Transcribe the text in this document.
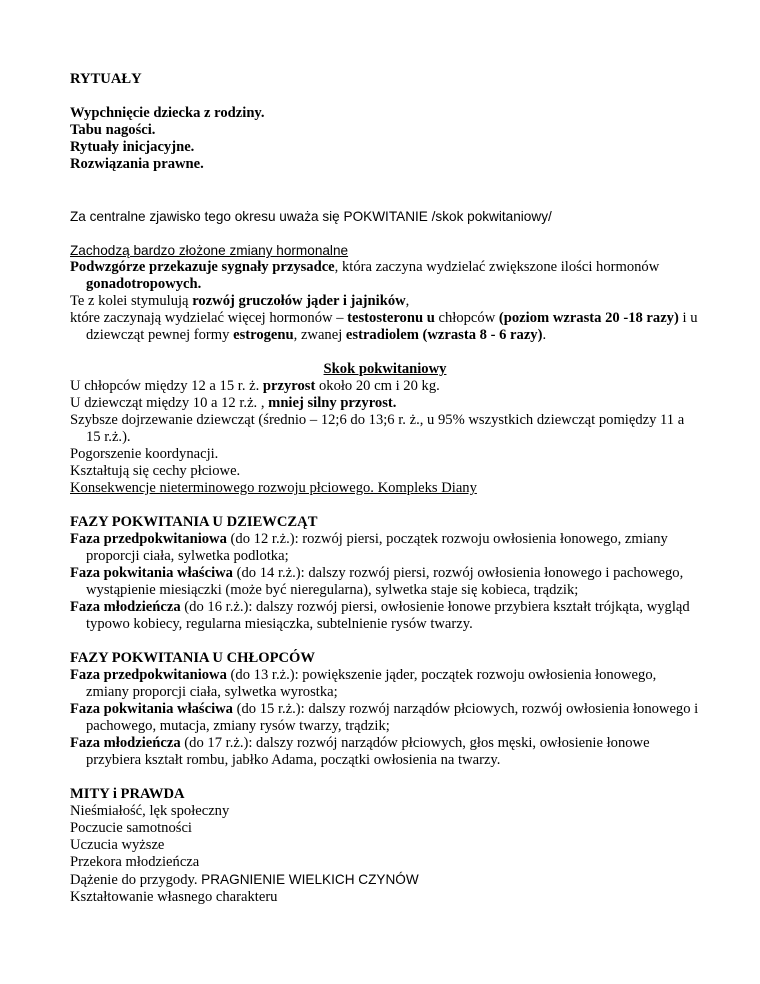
RYTUAŁY

Wypchnięcie dziecka z rodziny.

Tabu nagości.

Rytuały inicjacyjne.

Rozwiązania prawne.

Za centralne zjawisko tego okresu uważa się POKWITANIE /skok pokwitaniowy/

Zachodzą bardzo złożone zmiany hormonalne

Podwzgórze przekazuje sygnały przysadce, która zaczyna wydzielać zwiększone ilości hormonów
gonadotropowych.

Te z kolei stymulują rozwój gruczołów jąder i jajników,

które zaczynają wydzielać więcej hormonów – testosteronu u chłopców (poziom wzrasta 20 -18 razy) i u dziewcząt pewnej formy estrogenu, zwanej estradiolem (wzrasta 8 - 6 razy).

Skok pokwitaniowy

U chłopców między 12 a 15 r. ż. przyrost około 20 cm i 20 kg.

U dziewcząt między 10 a 12 r.ż. , mniej silny przyrost.

Szybsze dojrzewanie dziewcząt (średnio – 12;6 do 13;6 r. ż., u 95% wszystkich dziewcząt pomiędzy 11 a 15 r.ż.).

Pogorszenie koordynacji.

Kształtują się cechy płciowe.

Konsekwencje nieterminowego rozwoju płciowego. Kompleks Diany

FAZY POKWITANIA U DZIEWCZĄT

Faza przedpokwitaniowa (do 12 r.ż.): rozwój piersi, początek rozwoju owłosienia łonowego, zmiany proporcji ciała, sylwetka podlotka;

Faza pokwitania właściwa (do 14 r.ż.): dalszy rozwój piersi, rozwój owłosienia łonowego i pachowego, wystąpienie miesiączki (może być nieregularna), sylwetka staje się kobieca, trądzik;

Faza młodzieńcza (do 16 r.ż.): dalszy rozwój piersi, owłosienie łonowe przybiera kształt trójkąta, wygląd typowo kobiecy, regularna miesiączka, subtelnienie rysów twarzy.

FAZY POKWITANIA U CHŁOPCÓW

Faza przedpokwitaniowa (do 13 r.ż.): powiększenie jąder, początek rozwoju owłosienia łonowego, zmiany proporcji ciała, sylwetka wyrostka;

Faza pokwitania właściwa (do 15 r.ż.): dalszy rozwój narządów płciowych, rozwój owłosienia łonowego i pachowego, mutacja, zmiany rysów twarzy, trądzik;

Faza młodzieńcza (do 17 r.ż.): dalszy rozwój narządów płciowych, głos męski, owłosienie łonowe przybiera kształt rombu, jabłko Adama, początki owłosienia na twarzy.

MITY i PRAWDA

Nieśmiałość, lęk społeczny

Poczucie samotności

Uczucia wyższe

Przekora młodzieńcza

Dążenie do przygody. PRAGNIENIE WIELKICH CZYNÓW

Kształtowanie własnego charakteru
